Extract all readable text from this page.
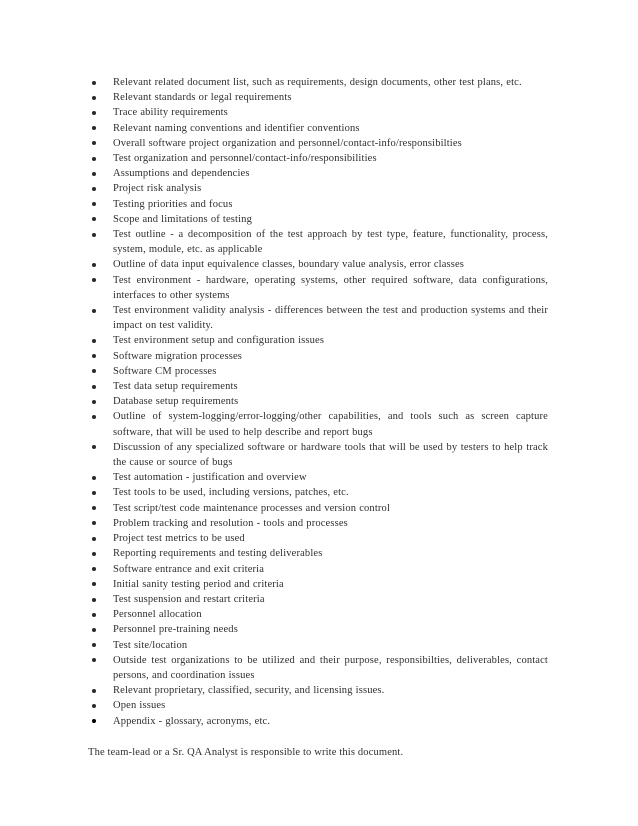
Relevant related document list, such as requirements, design documents, other test plans, etc.
Relevant standards or legal requirements
Trace ability requirements
Relevant naming conventions and identifier conventions
Overall software project organization and personnel/contact-info/responsibilties
Test organization and personnel/contact-info/responsibilities
Assumptions and dependencies
Project risk analysis
Testing priorities and focus
Scope and limitations of testing
Test outline - a decomposition of the test approach by test type, feature, functionality, process, system, module, etc. as applicable
Outline of data input equivalence classes, boundary value analysis, error classes
Test environment - hardware, operating systems, other required software, data configurations, interfaces to other systems
Test environment validity analysis - differences between the test and production systems and their impact on test validity.
Test environment setup and configuration issues
Software migration processes
Software CM processes
Test data setup requirements
Database setup requirements
Outline of system-logging/error-logging/other capabilities, and tools such as screen capture software, that will be used to help describe and report bugs
Discussion of any specialized software or hardware tools that will be used by testers to help track the cause or source of bugs
Test automation - justification and overview
Test tools to be used, including versions, patches, etc.
Test script/test code maintenance processes and version control
Problem tracking and resolution - tools and processes
Project test metrics to be used
Reporting requirements and testing deliverables
Software entrance and exit criteria
Initial sanity testing period and criteria
Test suspension and restart criteria
Personnel allocation
Personnel pre-training needs
Test site/location
Outside test organizations to be utilized and their purpose, responsibilties, deliverables, contact persons, and coordination issues
Relevant proprietary, classified, security, and licensing issues.
Open issues
Appendix - glossary, acronyms, etc.

The team-lead or a Sr. QA Analyst is responsible to write this document.
